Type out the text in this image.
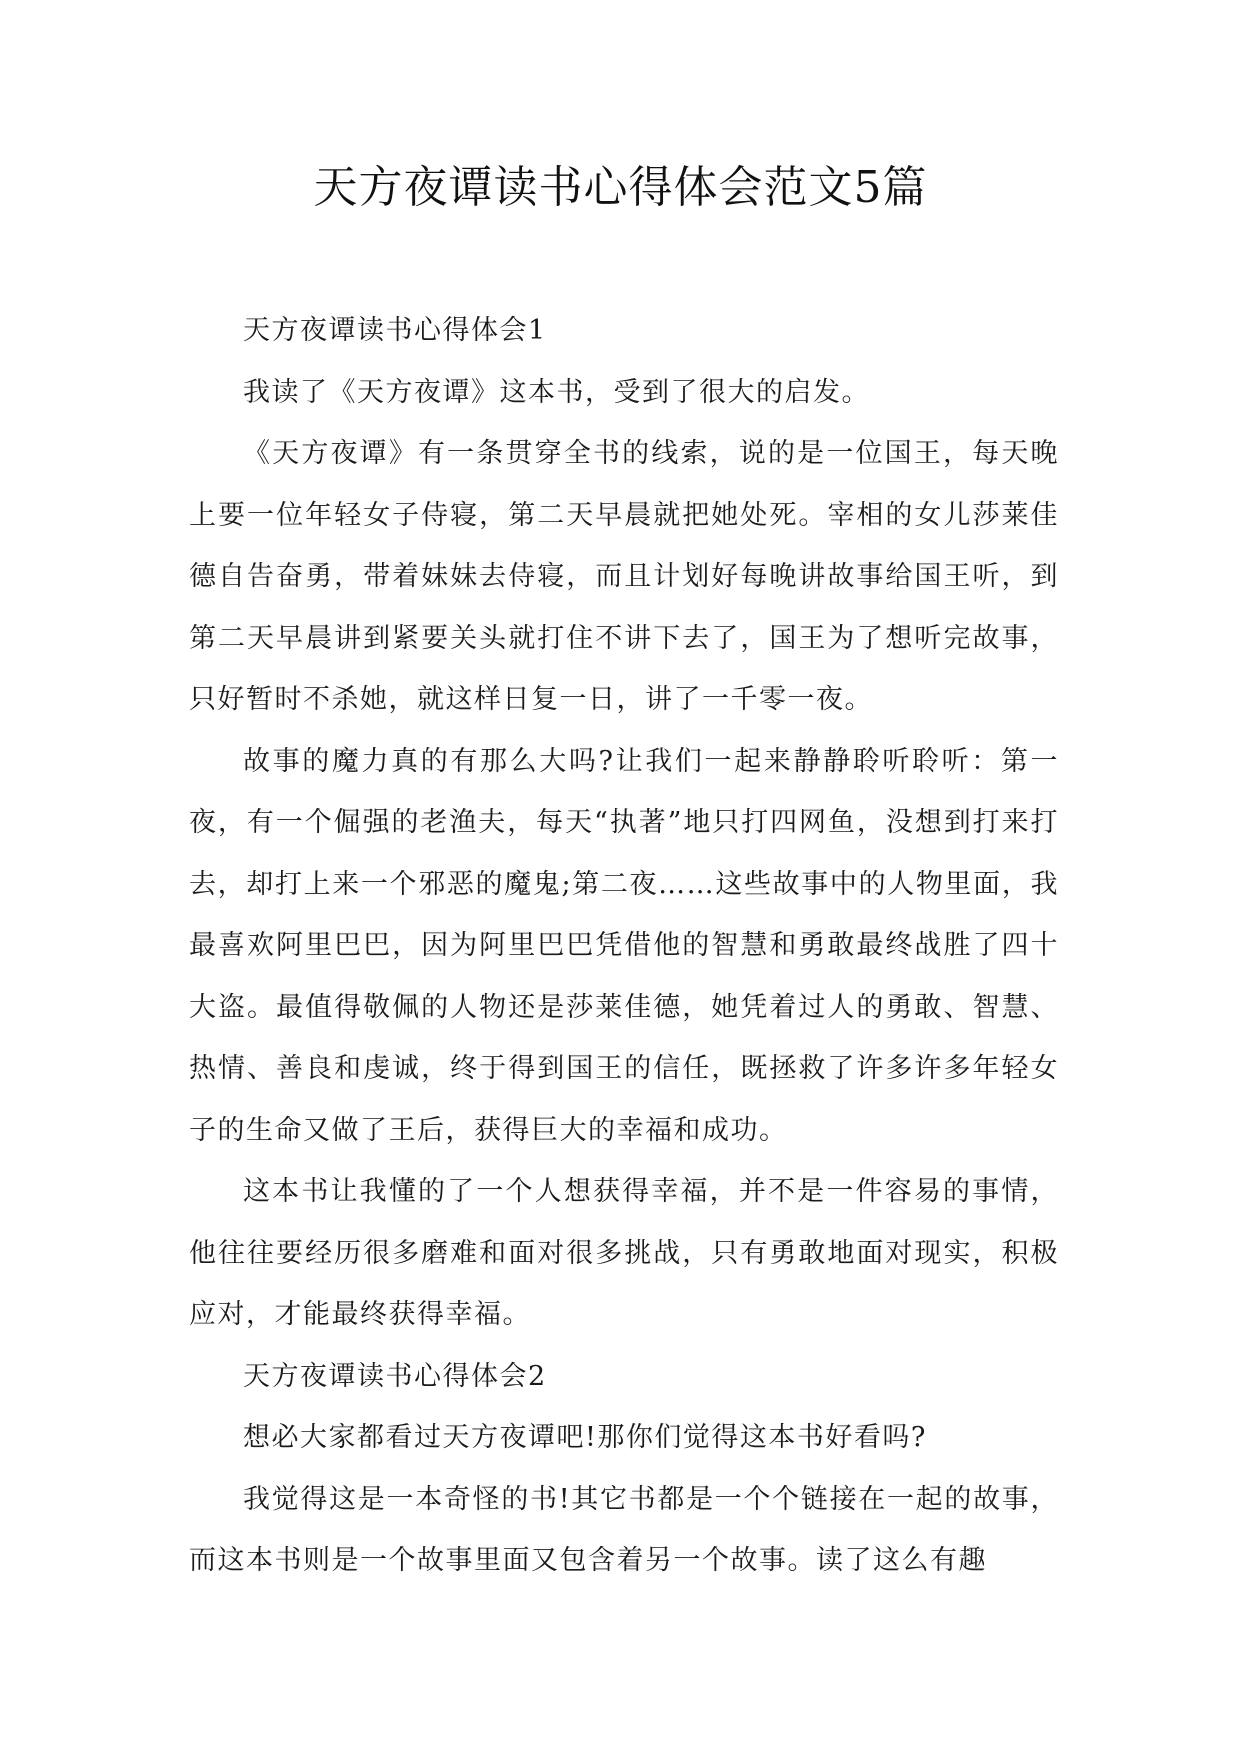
天方夜谭读书心得体会范文5篇

天方夜谭读书心得体会1

我读了《天方夜谭》这本书，受到了很大的启发。

《天方夜谭》有一条贯穿全书的线索，说的是一位国王，每天晚上要一位年轻女子侍寝，第二天早晨就把她处死。宰相的女儿莎莱佳德自告奋勇，带着妹妹去侍寝，而且计划好每晚讲故事给国王听，到第二天早晨讲到紧要关头就打住不讲下去了，国王为了想听完故事，只好暂时不杀她，就这样日复一日，讲了一千零一夜。

故事的魔力真的有那么大吗?让我们一起来静静聆听聆听：第一夜，有一个倔强的老渔夫，每天“执著”地只打四网鱼，没想到打来打去，却打上来一个邪恶的魔鬼;第二夜……这些故事中的人物里面，我最喜欢阿里巴巴，因为阿里巴巴凭借他的智慧和勇敢最终战胜了四十大盗。最值得敬佩的人物还是莎莱佳德，她凭着过人的勇敢、智慧、热情、善良和虔诚，终于得到国王的信任，既拯救了许多许多年轻女子的生命又做了王后，获得巨大的幸福和成功。

这本书让我懂的了一个人想获得幸福，并不是一件容易的事情，他往往要经历很多磨难和面对很多挑战，只有勇敢地面对现实，积极应对，才能最终获得幸福。

天方夜谭读书心得体会2

想必大家都看过天方夜谭吧!那你们觉得这本书好看吗?

我觉得这是一本奇怪的书!其它书都是一个个链接在一起的故事，而这本书则是一个故事里面又包含着另一个故事。读了这么有趣
